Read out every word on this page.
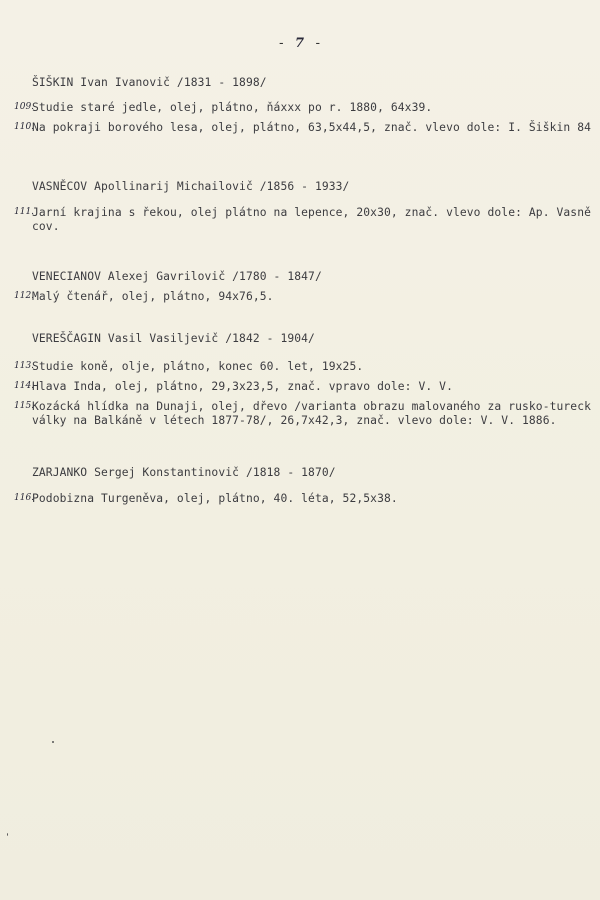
- 7 -
ŠIŠKIN Ivan Ivanovič /1831 - 1898/
109.
Studie staré jedle, olej, plátno, ňáxxx po r. 1880, 64x39.
110.
Na pokraji borového lesa, olej, plátno, 63,5x44,5, znač. vlevo dole: I. Šiškin 84
VASNĚCOV Apollinarij Michailovič /1856 - 1933/
111.
Jarní krajina s řekou, olej plátno na lepence, 20x30, znač. vlevo dole: Ap. Vasně
cov.
VENECIANOV Alexej Gavrilovič /1780 - 1847/
112.
Malý čtenář, olej, plátno, 94x76,5.
VEREŠČAGIN Vasil Vasiljevič /1842 - 1904/
113.
Studie koně, olje, plátno, konec 60. let, 19x25.
114.
Hlava Inda, olej, plátno, 29,3x23,5, znač. vpravo dole: V. V.
115.
Kozácká hlídka na Dunaji, olej, dřevo /varianta obrazu malovaného za rusko-tureck
války na Balkáně v létech 1877-78/, 26,7x42,3, znač. vlevo dole: V. V. 1886.
ZARJANKO Sergej Konstantinovič /1818 - 1870/
116.
Podobizna Turgeněva, olej, plátno, 40. léta, 52,5x38.
